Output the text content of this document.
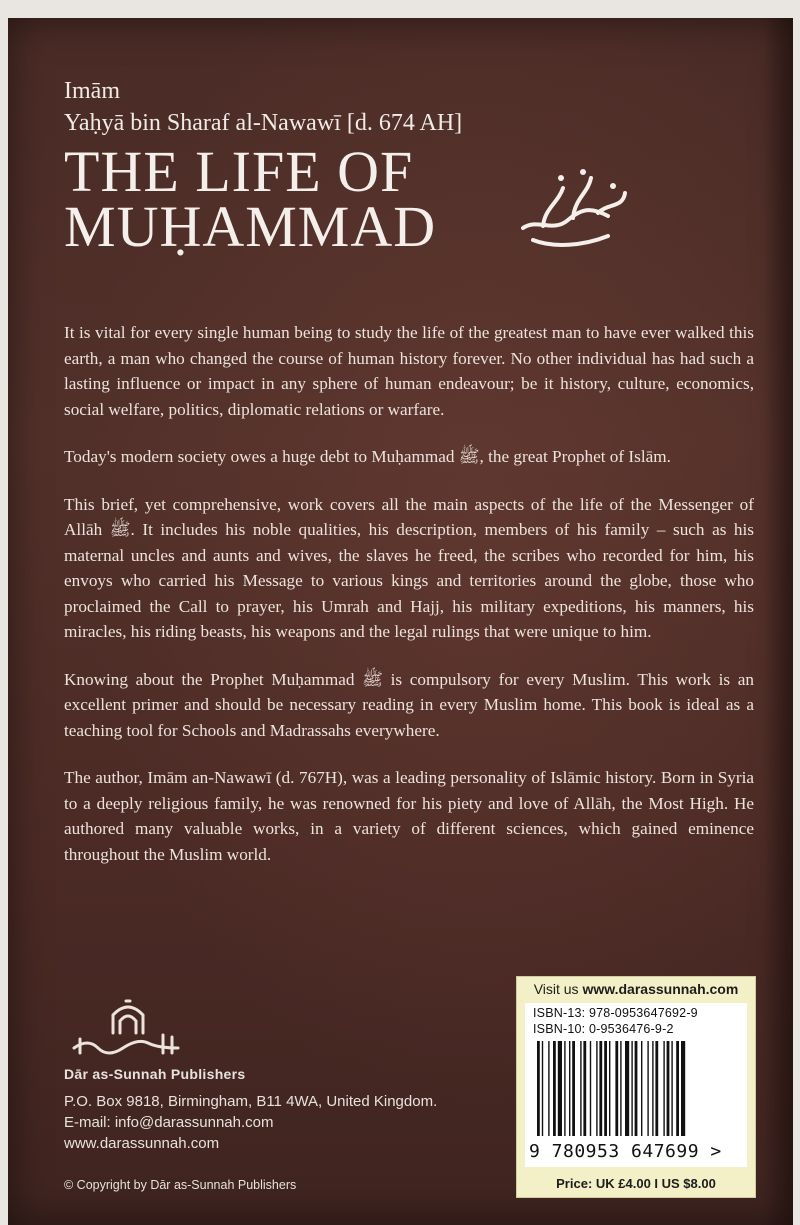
Imām
Yaḥyā bin Sharaf al-Nawawī [d. 674 AH]
THE LIFE OF
MUḤAMMAD

It is vital for every single human being to study the life of the greatest man to have ever walked this earth, a man who changed the course of human history forever. No other individual has had such a lasting influence or impact in any sphere of human endeavour; be it history, culture, economics, social welfare, politics, diplomatic relations or warfare.

Today's modern society owes a huge debt to Muḥammad ﷺ, the great Prophet of Islām.

This brief, yet comprehensive, work covers all the main aspects of the life of the Messenger of Allāh ﷺ. It includes his noble qualities, his description, members of his family – such as his maternal uncles and aunts and wives, the slaves he freed, the scribes who recorded for him, his envoys who carried his Message to various kings and territories around the globe, those who proclaimed the Call to prayer, his Umrah and Hajj, his military expeditions, his manners, his miracles, his riding beasts, his weapons and the legal rulings that were unique to him.

Knowing about the Prophet Muḥammad ﷺ is compulsory for every Muslim. This work is an excellent primer and should be necessary reading in every Muslim home. This book is ideal as a teaching tool for Schools and Madrassahs everywhere.

The author, Imām an-Nawawī (d. 767H), was a leading personality of Islāmic history. Born in Syria to a deeply religious family, he was renowned for his piety and love of Allāh, the Most High. He authored many valuable works, in a variety of different sciences, which gained eminence throughout the Muslim world.

Dār as-Sunnah Publishers
P.O. Box 9818, Birmingham, B11 4WA, United Kingdom.
E-mail: info@darassunnah.com
www.darassunnah.com
© Copyright by Dār as-Sunnah Publishers
Visit us www.darassunnah.com
ISBN-13: 978-0953647692-9
ISBN-10: 0-9536476-9-2
9 780953 647699 >
Price: UK £4.00 I US $8.00
